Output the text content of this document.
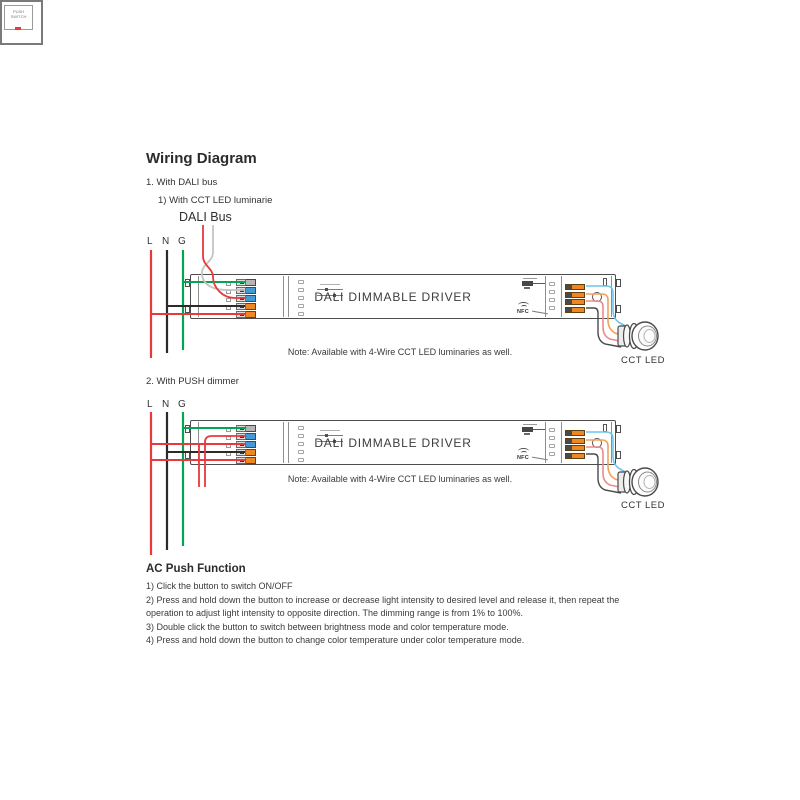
Wiring Diagram
1. With DALI bus
1) With CCT LED luminarie
DALI Bus
L N G
DALI DIMMABLE DRIVER
NFC
Note: Available with 4-Wire CCT LED luminaries as well.
CCT LED
2. With PUSH dimmer
L N G
DALI DIMMABLE DRIVER
NFC
PUSH SWITCH
Note: Available with 4-Wire CCT LED luminaries as well.
CCT LED
AC Push Function
1) Click the button to switch ON/OFF
2) Press and hold down the button to increase or decrease light intensity to desired level and release it, then repeat the operation to adjust light intensity to opposite direction. The dimming range is from 1% to 100%.
3) Double click the button to switch between brightness mode and color temperature mode.
4) Press and hold down the button to change color temperature under color temperature mode.
